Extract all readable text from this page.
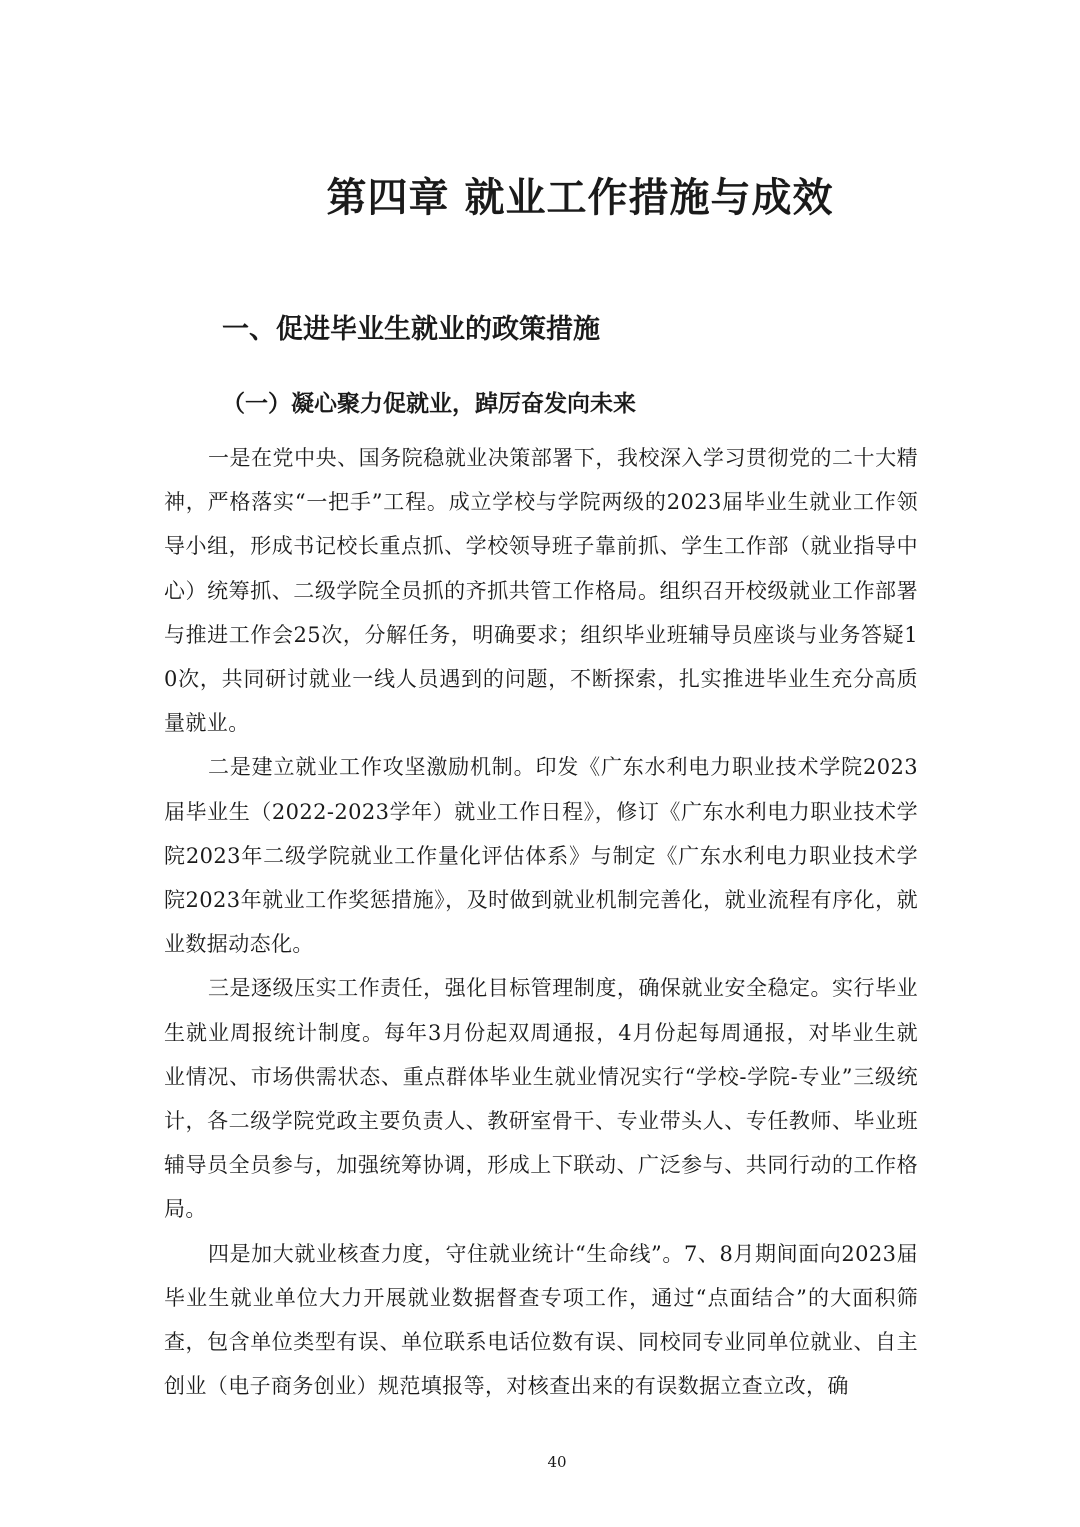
第四章 就业工作措施与成效
一、促进毕业生就业的政策措施
（一）凝心聚力促就业，踔厉奋发向未来

一是在党中央、国务院稳就业决策部署下，我校深入学习贯彻党的二十大精神，严格落实“一把手”工程。成立学校与学院两级的2023届毕业生就业工作领导小组，形成书记校长重点抓、学校领导班子靠前抓、学生工作部（就业指导中心）统筹抓、二级学院全员抓的齐抓共管工作格局。组织召开校级就业工作部署与推进工作会25次，分解任务，明确要求；组织毕业班辅导员座谈与业务答疑10次，共同研讨就业一线人员遇到的问题，不断探索，扎实推进毕业生充分高质量就业。

二是建立就业工作攻坚激励机制。印发《广东水利电力职业技术学院2023届毕业生（2022-2023学年）就业工作日程》，修订《广东水利电力职业技术学院2023年二级学院就业工作量化评估体系》与制定《广东水利电力职业技术学院2023年就业工作奖惩措施》，及时做到就业机制完善化，就业流程有序化，就业数据动态化。

三是逐级压实工作责任，强化目标管理制度，确保就业安全稳定。实行毕业生就业周报统计制度。每年3月份起双周通报，4月份起每周通报，对毕业生就业情况、市场供需状态、重点群体毕业生就业情况实行“学校-学院-专业”三级统计，各二级学院党政主要负责人、教研室骨干、专业带头人、专任教师、毕业班辅导员全员参与，加强统筹协调，形成上下联动、广泛参与、共同行动的工作格局。

四是加大就业核查力度，守住就业统计“生命线”。7、8月期间面向2023届毕业生就业单位大力开展就业数据督查专项工作，通过“点面结合”的大面积筛查，包含单位类型有误、单位联系电话位数有误、同校同专业同单位就业、自主创业（电子商务创业）规范填报等，对核查出来的有误数据立查立改，确

40
